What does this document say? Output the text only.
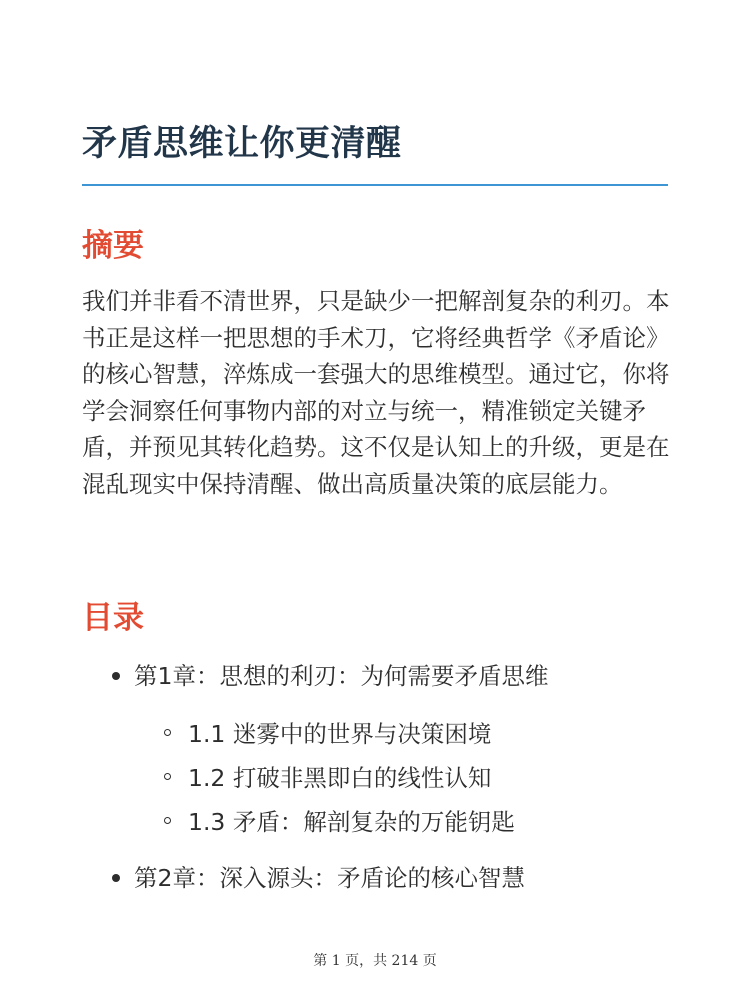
矛盾思维让你更清醒
摘要

我们并非看不清世界，只是缺少一把解剖复杂的利刃。本书正是这样一把思想的手术刀，它将经典哲学《矛盾论》的核心智慧，淬炼成一套强大的思维模型。通过它，你将学会洞察任何事物内部的对立与统一，精准锁定关键矛盾，并预见其转化趋势。这不仅是认知上的升级，更是在混乱现实中保持清醒、做出高质量决策的底层能力。

目录
第1章：思想的利刃：为何需要矛盾思维
1.1 迷雾中的世界与决策困境
1.2 打破非黑即白的线性认知
1.3 矛盾：解剖复杂的万能钥匙
第2章：深入源头：矛盾论的核心智慧
第 1 页，共 214 页
